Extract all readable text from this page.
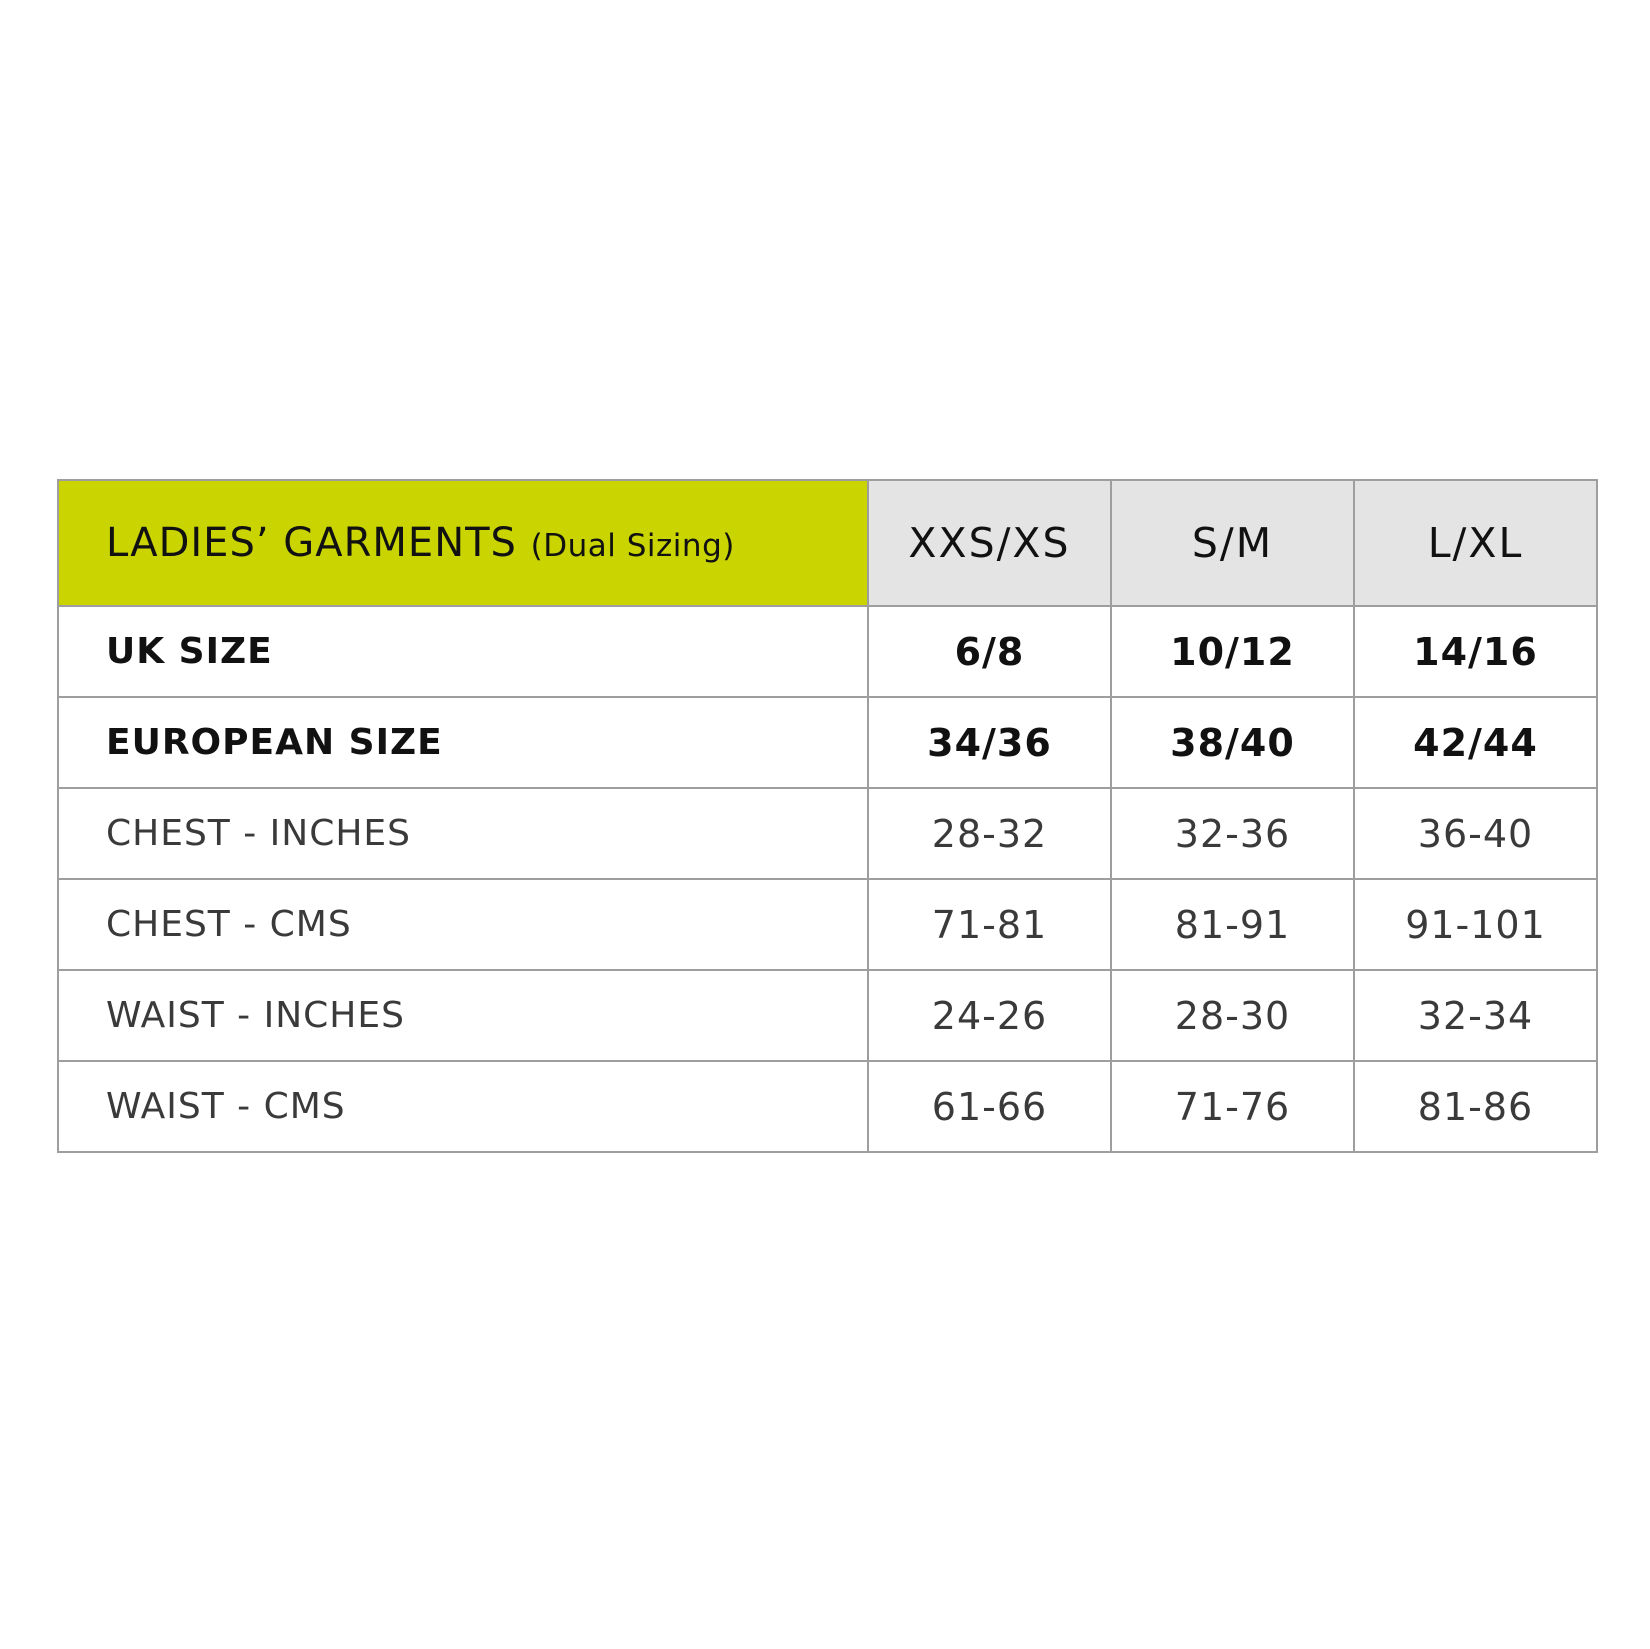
LADIES’ GARMENTS (Dual Sizing)	XXS/XS	S/M	L/XL
UK SIZE	6/8	10/12	14/16
EUROPEAN SIZE	34/36	38/40	42/44
CHEST - INCHES	28-32	32-36	36-40
CHEST - CMS	71-81	81-91	91-101
WAIST - INCHES	24-26	28-30	32-34
WAIST - CMS	61-66	71-76	81-86
